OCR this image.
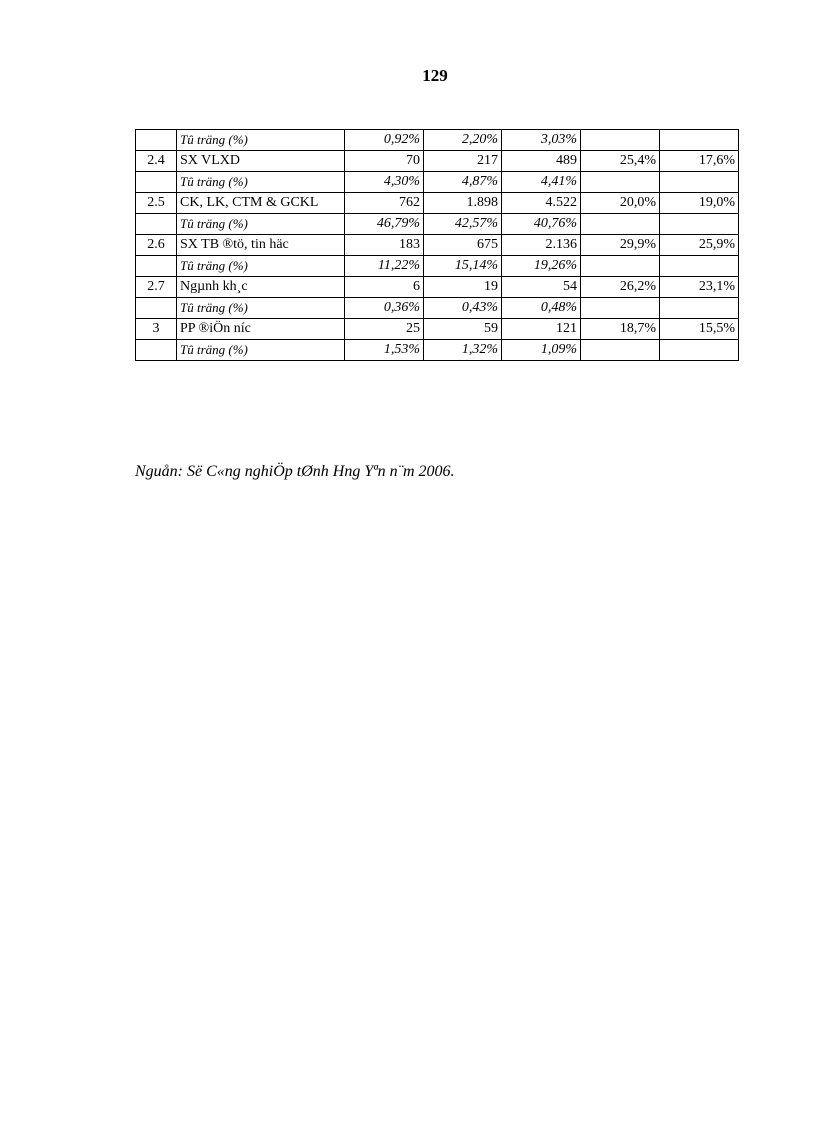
129
	Tû träng (%)	0,92%	2,20%	3,03%		
2.4	SX VLXD	70	217	489	25,4%	17,6%
	Tû träng (%)	4,30%	4,87%	4,41%		
2.5	CK, LK, CTM & GCKL	762	1.898	4.522	20,0%	19,0%
	Tû träng (%)	46,79%	42,57%	40,76%		
2.6	SX TB ®tö, tin häc	183	675	2.136	29,9%	25,9%
	Tû träng (%)	11,22%	15,14%	19,26%		
2.7	Ngµnh kh¸c	6	19	54	26,2%	23,1%
	Tû träng (%)	0,36%	0,43%	0,48%		
3	PP ®iÖn níc	25	59	121	18,7%	15,5%
	Tû träng (%)	1,53%	1,32%	1,09%		
Nguån: Së C«ng nghiÖp tØnh Hng Yªn n¨m 2006.
